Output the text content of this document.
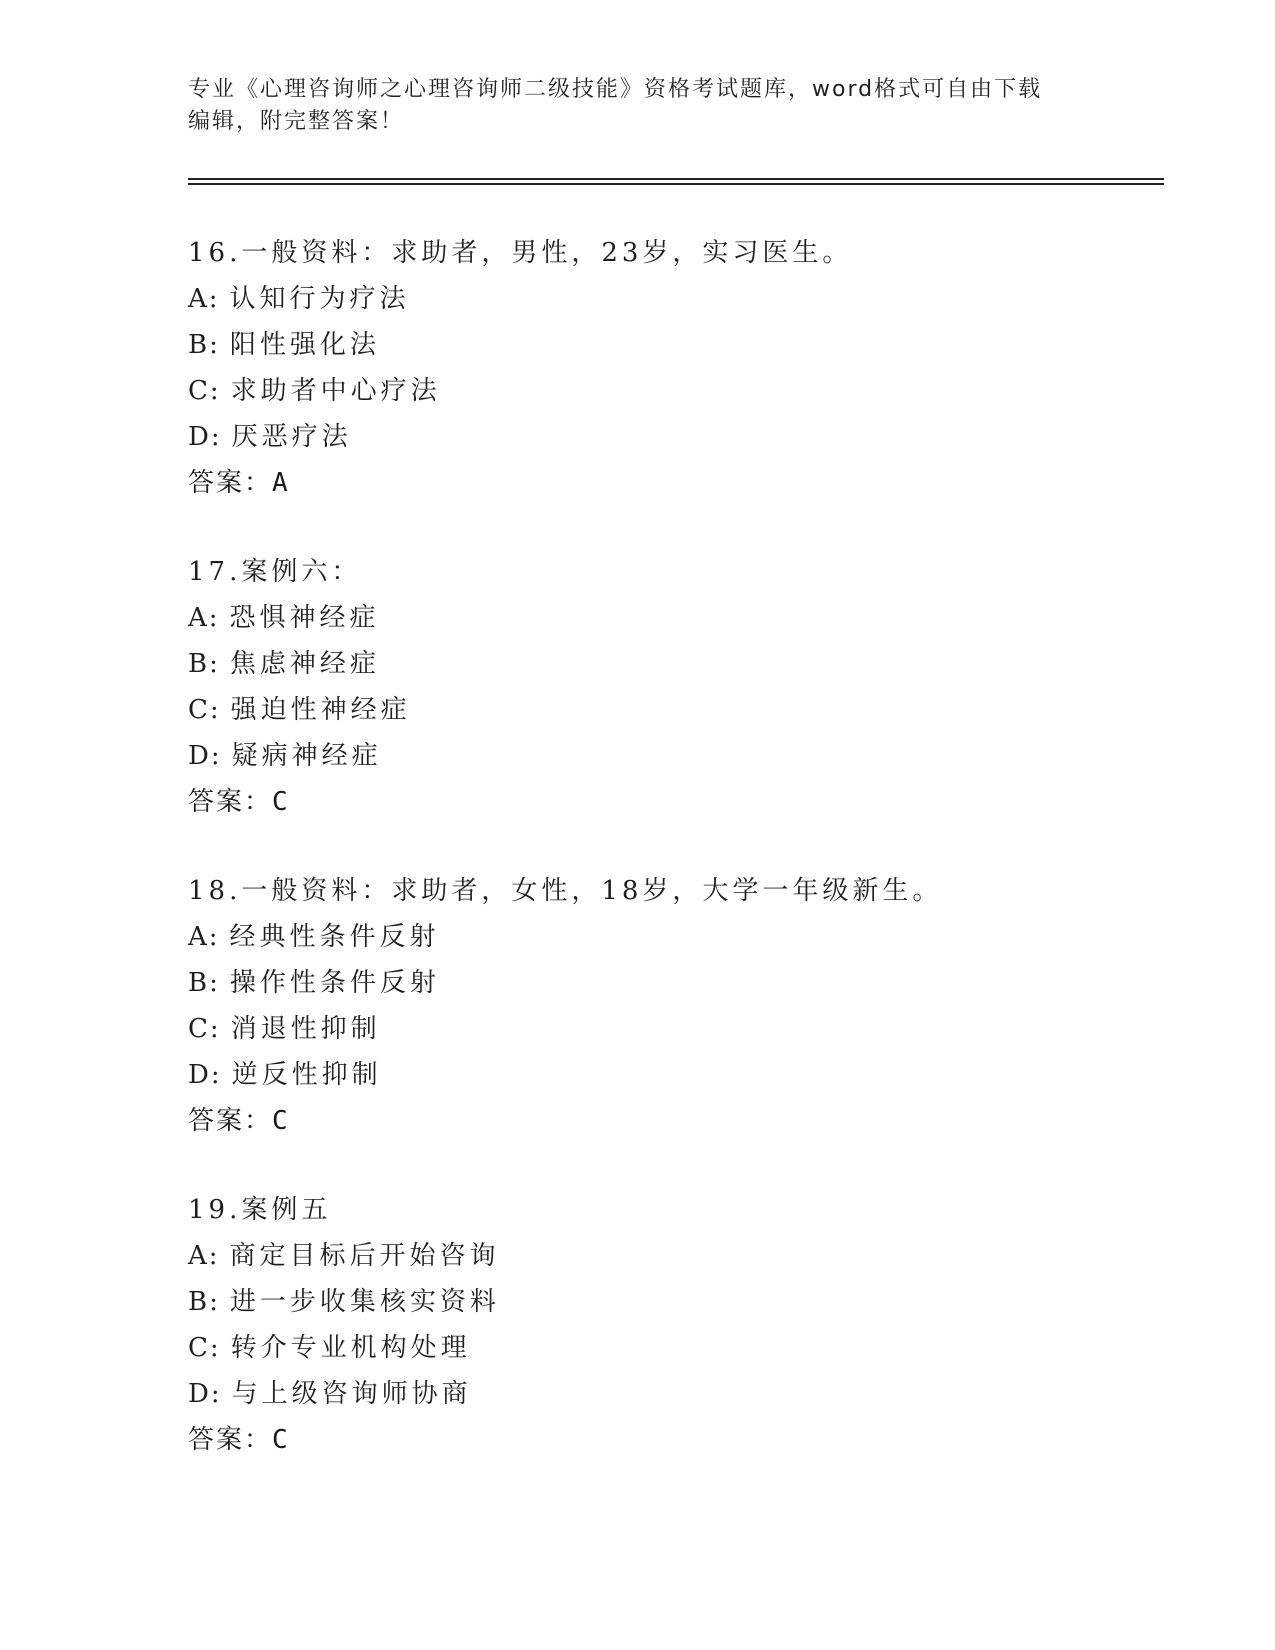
专业《心理咨询师之心理咨询师二级技能》资格考试题库，word格式可自由下载
编辑，附完整答案！
16.一般资料：求助者，男性，23岁，实习医生。
A: 认知行为疗法
B: 阳性强化法
C: 求助者中心疗法
D: 厌恶疗法
答案：A
17.案例六：
A: 恐惧神经症
B: 焦虑神经症
C: 强迫性神经症
D: 疑病神经症
答案：C
18.一般资料：求助者，女性，18岁，大学一年级新生。
A: 经典性条件反射
B: 操作性条件反射
C: 消退性抑制
D: 逆反性抑制
答案：C
19.案例五
A: 商定目标后开始咨询
B: 进一步收集核实资料
C: 转介专业机构处理
D: 与上级咨询师协商
答案：C
